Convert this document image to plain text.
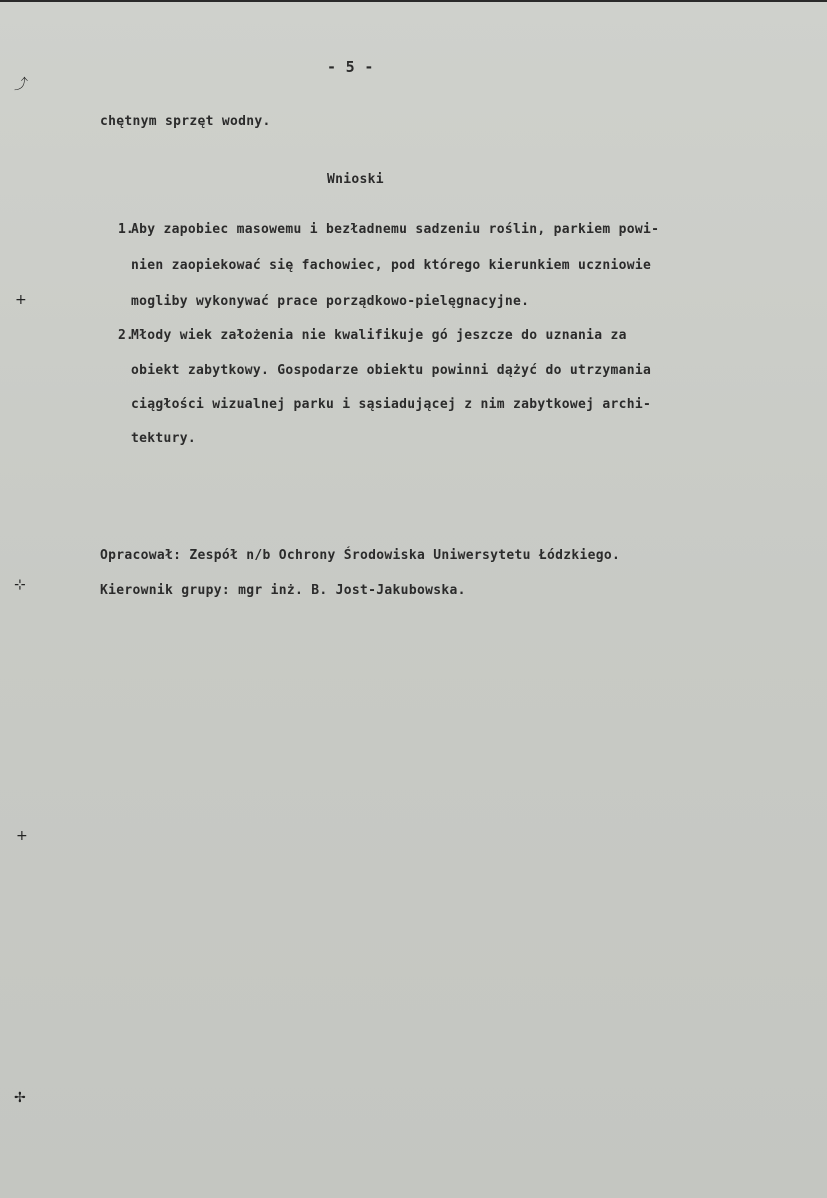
⤴
+
⊹
+
✢
- 5 -
chętnym sprzęt wodny.
Wnioski
1.
Aby zapobiec masowemu i bezładnemu sadzeniu roślin, parkiem powi-
nien zaopiekować się fachowiec, pod którego kierunkiem uczniowie
mogliby wykonywać prace porządkowo-pielęgnacyjne.
2.
Młody wiek założenia nie kwalifikuje gó jeszcze do uznania za
obiekt zabytkowy. Gospodarze obiektu powinni dążyć do utrzymania
ciągłości wizualnej parku i sąsiadującej z nim zabytkowej archi-
tektury.
Opracował: Zespół n/b Ochrony Środowiska Uniwersytetu Łódzkiego.
Kierownik grupy: mgr inż. B. Jost-Jakubowska.
